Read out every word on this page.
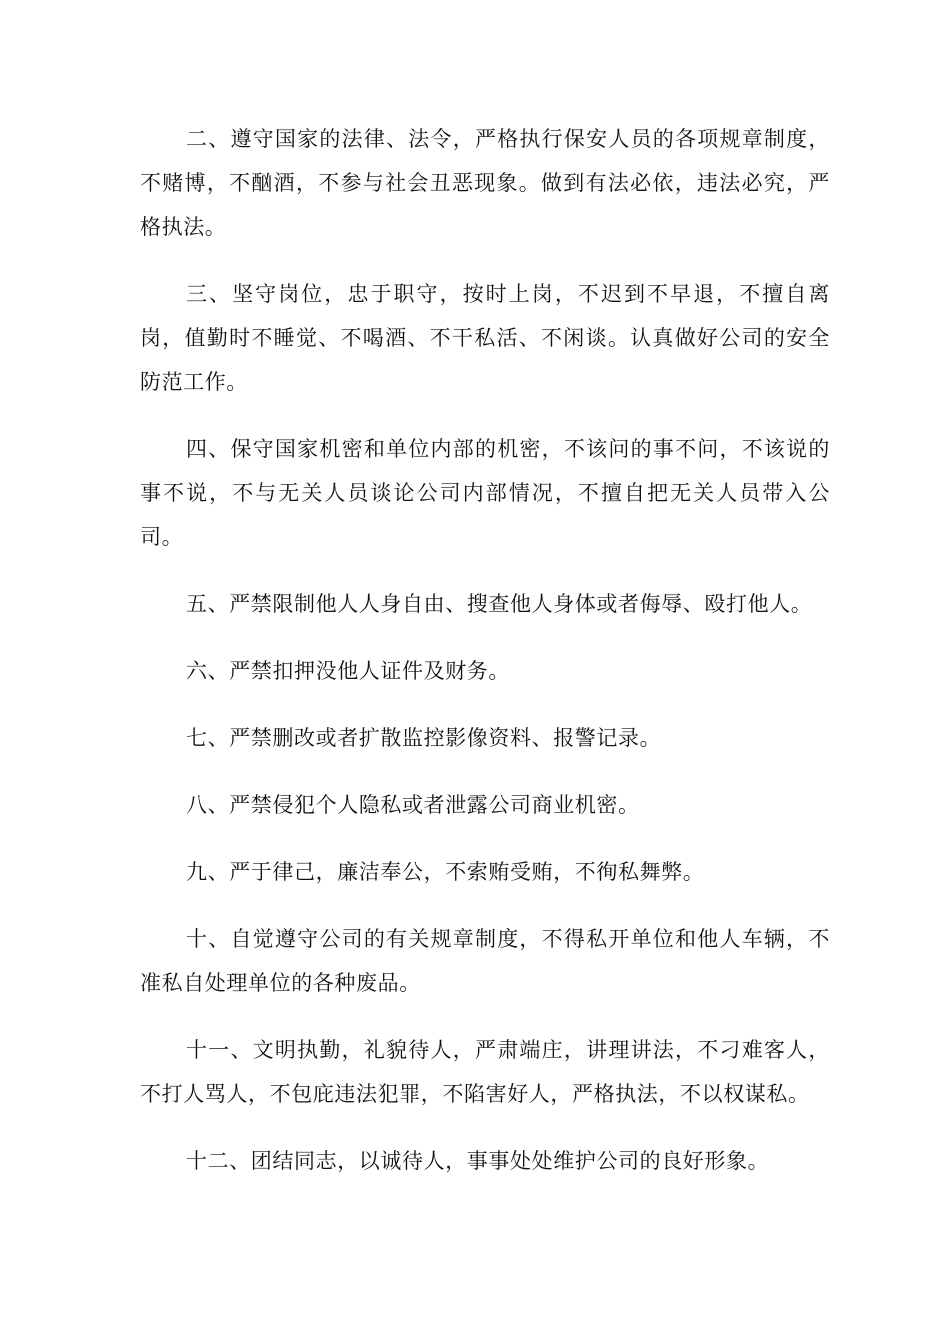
二、遵守国家的法律、法令，严格执行保安人员的各项规章制度，不赌博，不酗酒，不参与社会丑恶现象。做到有法必依，违法必究，严格执法。

三、坚守岗位，忠于职守，按时上岗，不迟到不早退，不擅自离岗，值勤时不睡觉、不喝酒、不干私活、不闲谈。认真做好公司的安全防范工作。

四、保守国家机密和单位内部的机密，不该问的事不问，不该说的事不说，不与无关人员谈论公司内部情况，不擅自把无关人员带入公司。

五、严禁限制他人人身自由、搜查他人身体或者侮辱、殴打他人。

六、严禁扣押没他人证件及财务。

七、严禁删改或者扩散监控影像资料、报警记录。

八、严禁侵犯个人隐私或者泄露公司商业机密。

九、严于律己，廉洁奉公，不索贿受贿，不徇私舞弊。

十、自觉遵守公司的有关规章制度，不得私开单位和他人车辆，不准私自处理单位的各种废品。

十一、文明执勤，礼貌待人，严肃端庄，讲理讲法，不刁难客人，不打人骂人，不包庇违法犯罪，不陷害好人，严格执法，不以权谋私。

十二、团结同志，以诚待人，事事处处维护公司的良好形象。
